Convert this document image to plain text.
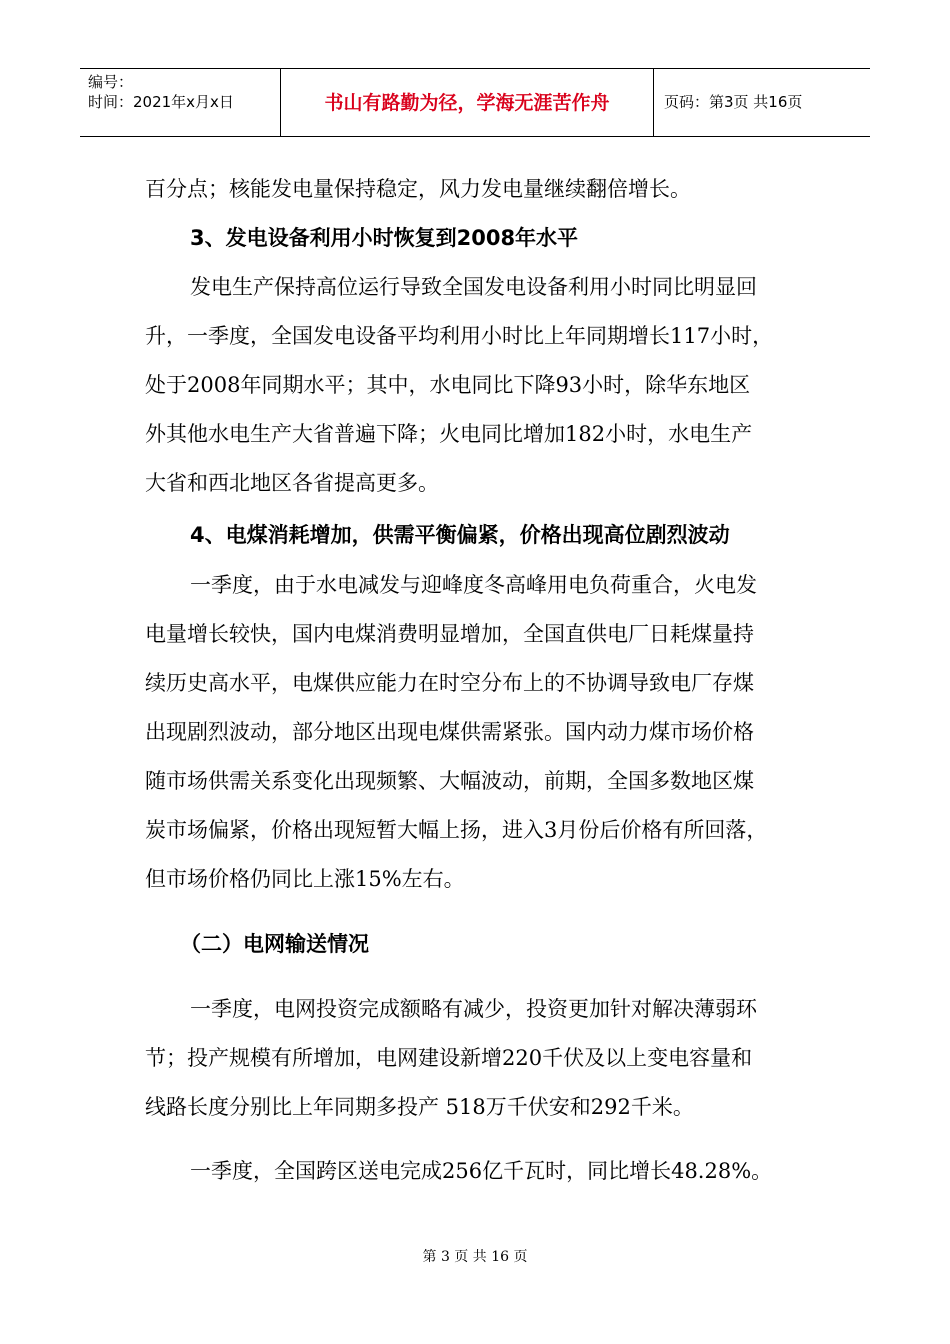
编号：
时间：2021年x月x日	书山有路勤为径，学海无涯苦作舟	页码：第3页 共16页
百分点；核能发电量保持稳定，风力发电量继续翻倍增长。
3、发电设备利用小时恢复到2008年水平
发电生产保持高位运行导致全国发电设备利用小时同比明显回
升，一季度，全国发电设备平均利用小时比上年同期增长117小时，
处于2008年同期水平；其中，水电同比下降93小时，除华东地区
外其他水电生产大省普遍下降；火电同比增加182小时，水电生产
大省和西北地区各省提高更多。
4、电煤消耗增加，供需平衡偏紧，价格出现高位剧烈波动
一季度，由于水电减发与迎峰度冬高峰用电负荷重合，火电发
电量增长较快，国内电煤消费明显增加，全国直供电厂日耗煤量持
续历史高水平，电煤供应能力在时空分布上的不协调导致电厂存煤
出现剧烈波动，部分地区出现电煤供需紧张。国内动力煤市场价格
随市场供需关系变化出现频繁、大幅波动，前期，全国多数地区煤
炭市场偏紧，价格出现短暂大幅上扬，进入3月份后价格有所回落，
但市场价格仍同比上涨15%左右。
（二）电网输送情况
一季度，电网投资完成额略有减少，投资更加针对解决薄弱环
节；投产规模有所增加，电网建设新增220千伏及以上变电容量和
线路长度分别比上年同期多投产 518万千伏安和292千米。
一季度，全国跨区送电完成256亿千瓦时，同比增长48.28%。
第 3 页 共 16 页
